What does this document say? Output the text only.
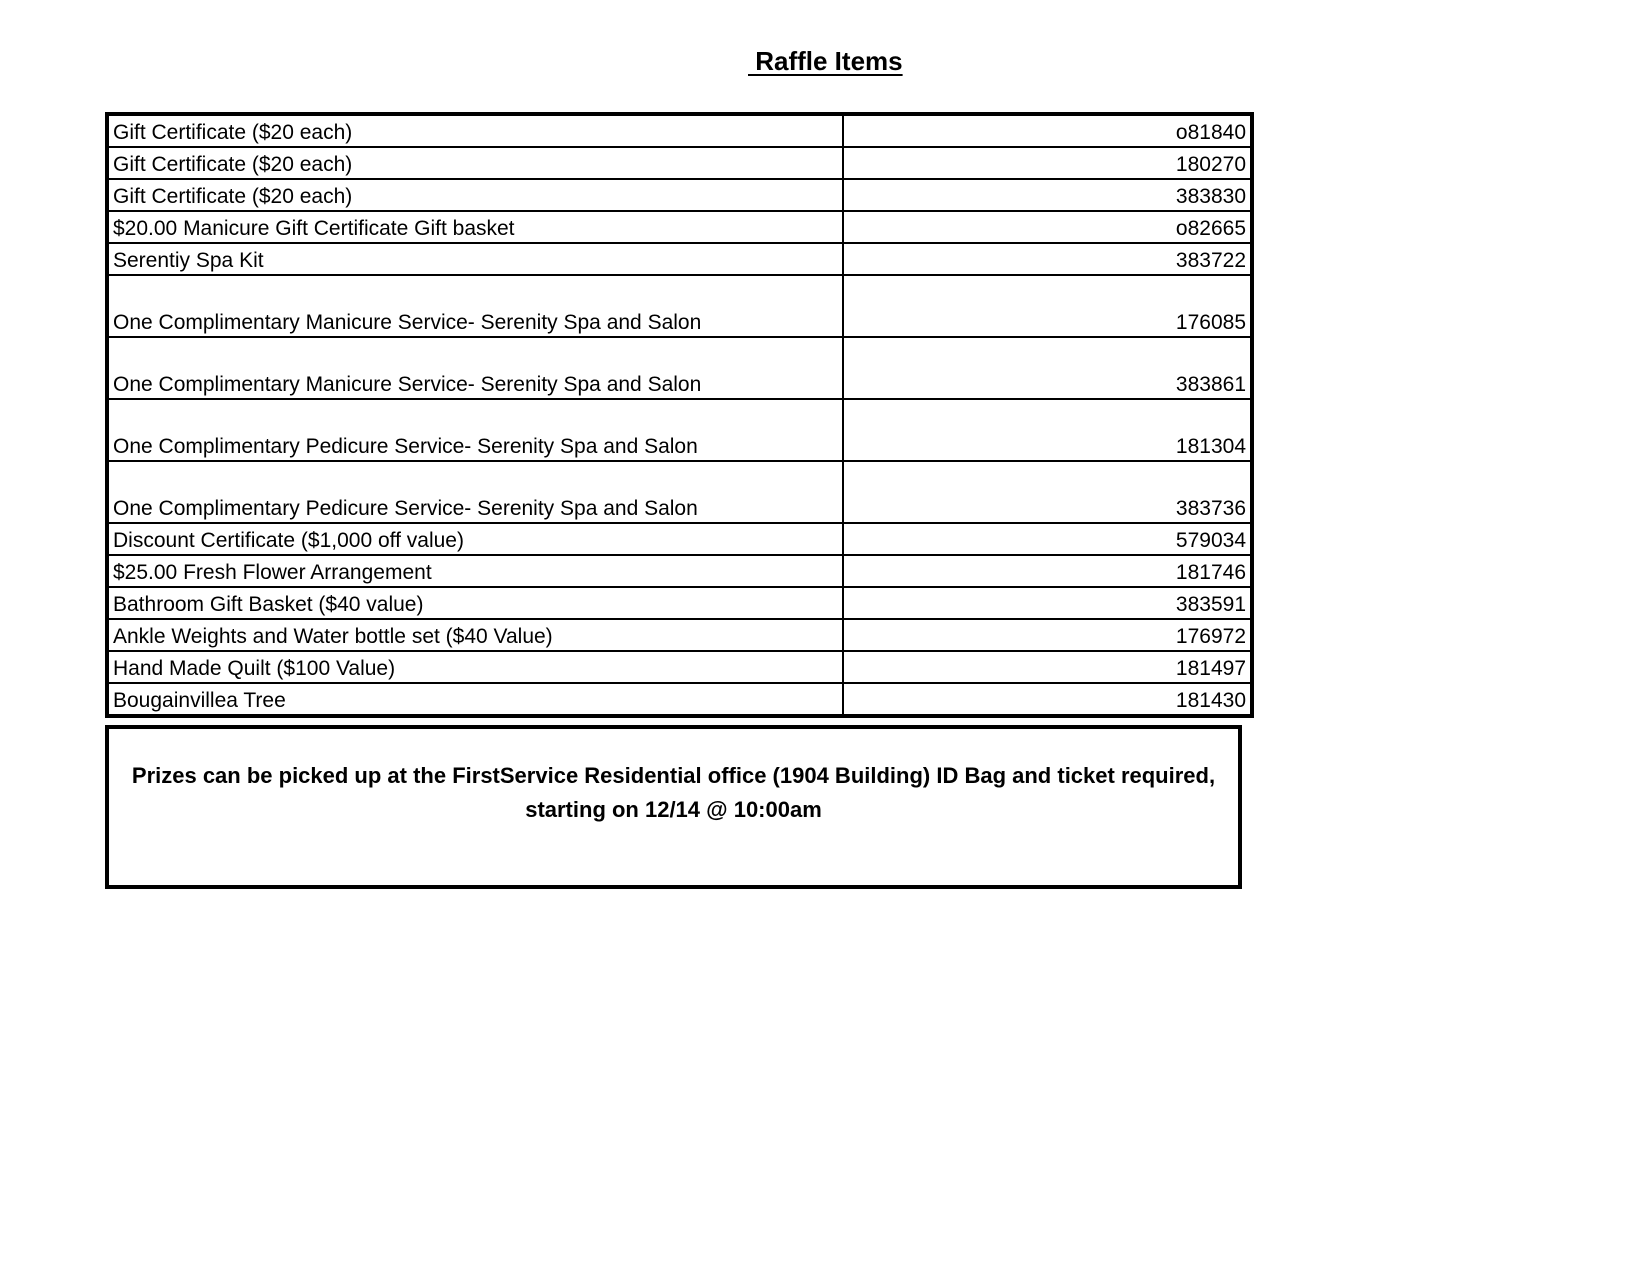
Raffle Items
Gift Certificate ($20 each)	o81840
Gift Certificate ($20 each)	180270
Gift Certificate ($20 each)	383830
$20.00 Manicure Gift Certificate Gift basket	o82665
Serentiy Spa Kit	383722
One Complimentary Manicure Service- Serenity Spa and Salon	176085
One Complimentary Manicure Service- Serenity Spa and Salon	383861
One Complimentary Pedicure Service- Serenity Spa and Salon	181304
One Complimentary Pedicure Service- Serenity Spa and Salon	383736
Discount Certificate ($1,000 off value)	579034
$25.00 Fresh Flower Arrangement	181746
Bathroom Gift Basket ($40 value)	383591
Ankle Weights and Water bottle set ($40 Value)	176972
Hand Made Quilt ($100 Value)	181497
Bougainvillea Tree	181430

Prizes can be picked up at the FirstService Residential office (1904 Building) ID Bag and ticket required,

starting on 12/14 @ 10:00am
